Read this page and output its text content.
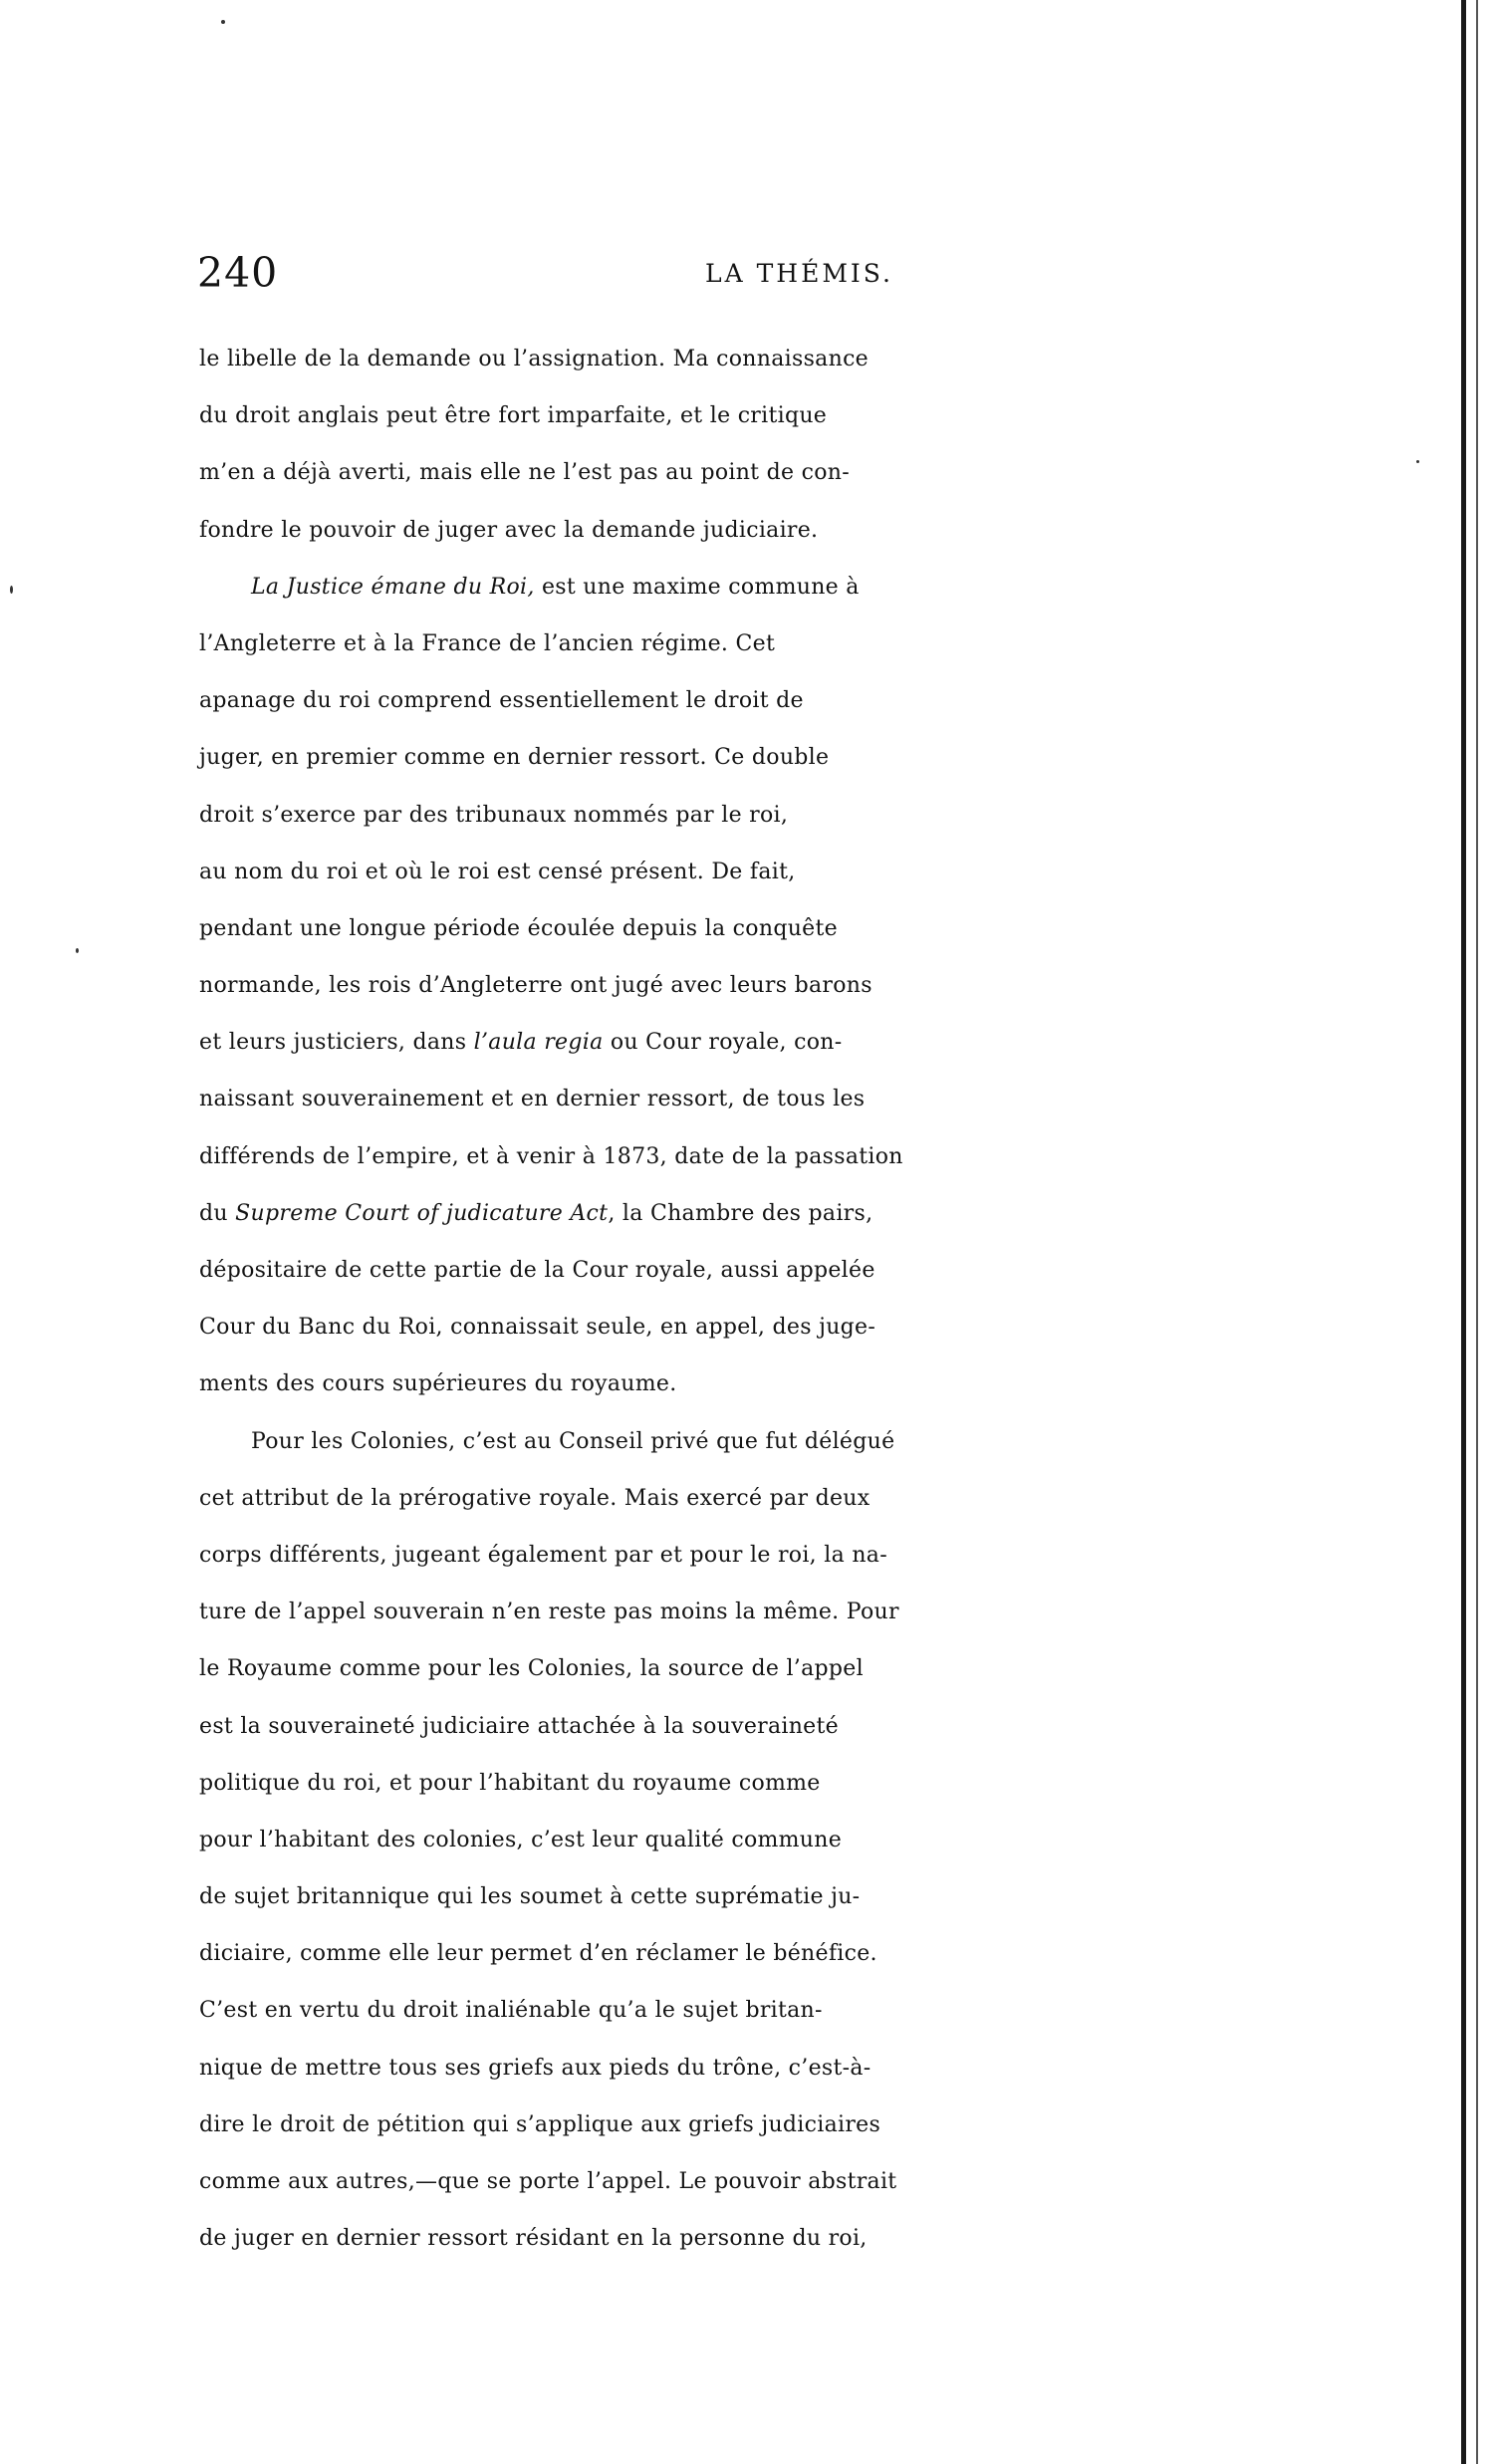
240	LA THÉMIS.
le libelle de la demande ou l’assignation. Ma connaissance
du droit anglais peut être fort imparfaite, et le critique
m’en a déjà averti, mais elle ne l’est pas au point de con-
fondre le pouvoir de juger avec la demande judiciaire.
La Justice émane du Roi, est une maxime commune à
l’Angleterre et à la France de l’ancien régime. Cet
apanage du roi comprend essentiellement le droit de
juger, en premier comme en dernier ressort. Ce double
droit s’exerce par des tribunaux nommés par le roi,
au nom du roi et où le roi est censé présent. De fait,
pendant une longue période écoulée depuis la conquête
normande, les rois d’Angleterre ont jugé avec leurs barons
et leurs justiciers, dans l’aula regia ou Cour royale, con-
naissant souverainement et en dernier ressort, de tous les
différends de l’empire, et à venir à 1873, date de la passation
du Supreme Court of judicature Act, la Chambre des pairs,
dépositaire de cette partie de la Cour royale, aussi appelée
Cour du Banc du Roi, connaissait seule, en appel, des juge-
ments des cours supérieures du royaume.
Pour les Colonies, c’est au Conseil privé que fut délégué
cet attribut de la prérogative royale. Mais exercé par deux
corps différents, jugeant également par et pour le roi, la na-
ture de l’appel souverain n’en reste pas moins la même. Pour
le Royaume comme pour les Colonies, la source de l’appel
est la souveraineté judiciaire attachée à la souveraineté
politique du roi, et pour l’habitant du royaume comme
pour l’habitant des colonies, c’est leur qualité commune
de sujet britannique qui les soumet à cette suprématie ju-
diciaire, comme elle leur permet d’en réclamer le bénéfice.
C’est en vertu du droit inaliénable qu’a le sujet britan-
nique de mettre tous ses griefs aux pieds du trône, c’est-à-
dire le droit de pétition qui s’applique aux griefs judiciaires
comme aux autres,—que se porte l’appel. Le pouvoir abstrait
de juger en dernier ressort résidant en la personne du roi,
